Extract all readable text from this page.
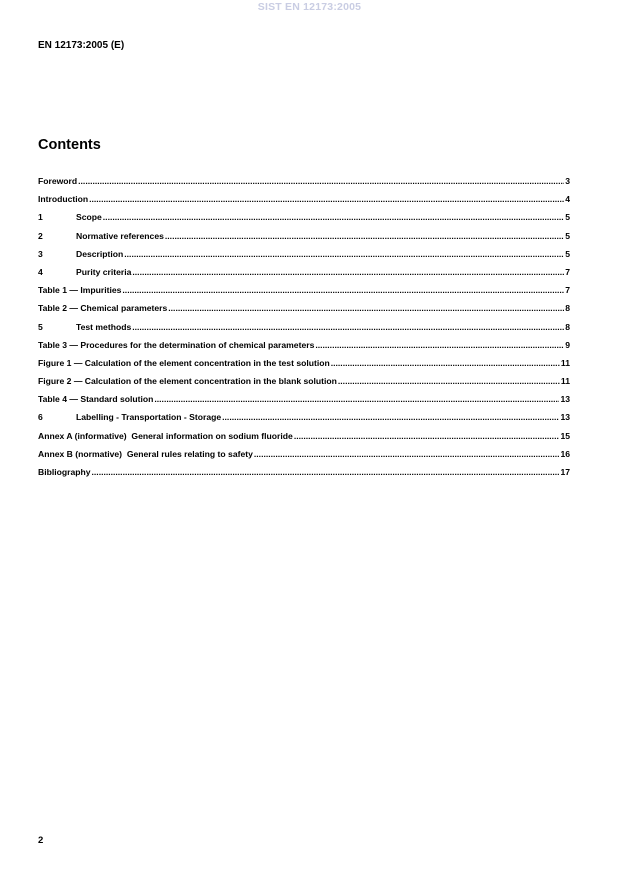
SIST EN 12173:2005
EN 12173:2005 (E)
Contents
Foreword .....	3
Introduction .....	4
1	Scope .....	5
2	Normative references .....	5
3	Description .....	5
4	Purity criteria .....	7
Table 1 — Impurities .....	7
Table 2 — Chemical parameters .....	8
5	Test methods .....	8
Table 3 — Procedures for the determination of chemical parameters .....	9
Figure 1 — Calculation of the element concentration in the test solution .....	11
Figure 2 — Calculation of the element concentration in the blank solution .....	11
Table 4 — Standard solution .....	13
6	Labelling - Transportation - Storage .....	13
Annex A (informative)  General information on sodium fluoride .....	15
Annex B (normative)  General rules relating to safety .....	16
Bibliography .....	17
2
